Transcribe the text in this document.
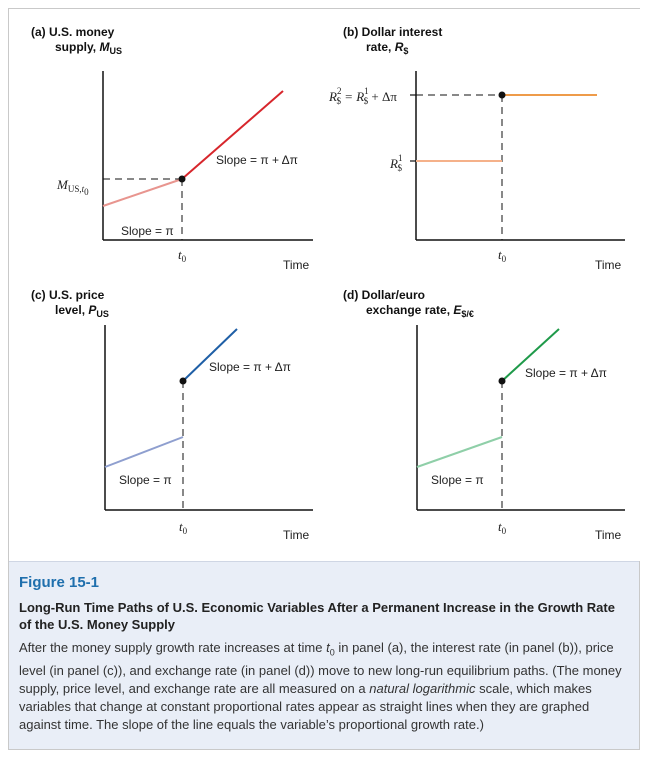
(a) U.S. money
supply, $M_{US}$
$M_{US,}t_0$
Slope = π + Δπ
Slope = π
$t_0$	Time
(b) Dollar interest
rate, $R_{\$}$
$R^2$ $ = $R^1$ $ + Δπ
$R^1$ $
$t_0$	Time
(c) U.S. price
level, $P_{US}$
Slope = π + Δπ
Slope = π
$t_0$	Time
(d) Dollar/euro
exchange rate, $E_{\$/€}$
Slope = π + Δπ
Slope = π
$t_0$	Time
Figure 15-1
Long-Run Time Paths of U.S. Economic Variables After a Permanent Increase in the Growth Rate of the U.S. Money Supply
After the money supply growth rate increases at time $t_0$ in panel (a), the interest rate (in panel (b)), price level (in panel (c)), and exchange rate (in panel (d)) move to new long-run equilibrium paths. (The money supply, price level, and exchange rate are all measured on a natural logarithmic scale, which makes variables that change at constant proportional rates appear as straight lines when they are graphed against time. The slope of the line equals the variable’s proportional growth rate.)
